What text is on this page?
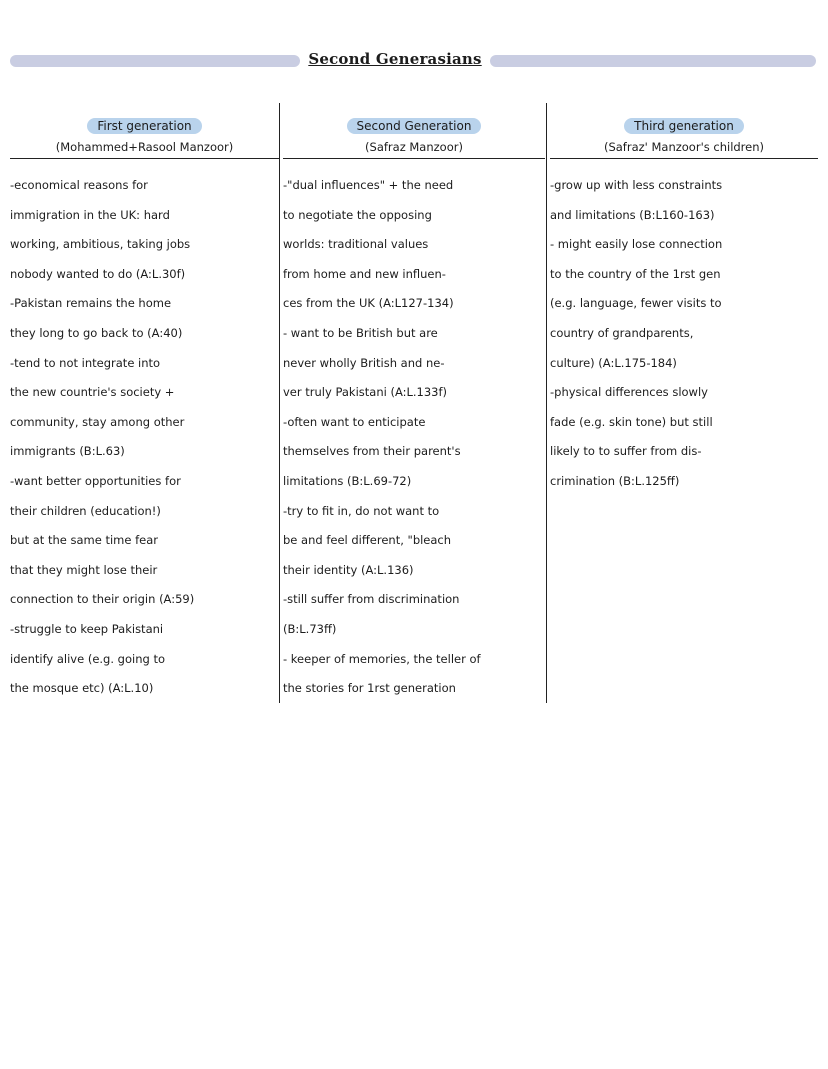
Second Generasians
First generation
(Mohammed+Rasool Manzoor)
-economical reasons for
immigration in the UK: hard
working, ambitious, taking jobs
nobody wanted to do (A:L.30f)
-Pakistan remains the home
they long to go back to (A:40)
-tend to not integrate into
the new countrie's society +
community, stay among other
immigrants (B:L.63)
-want better opportunities for
their children (education!)
but at the same time fear
that they might lose their
connection to their origin (A:59)
-struggle to keep Pakistani
identify alive (e.g. going to
the mosque etc) (A:L.10)
Second Generation
(Safraz Manzoor)
-"dual influences" + the need
to negotiate the opposing
worlds: traditional values
from home and new influen-
ces from the UK (A:L127-134)
- want to be British but are
never wholly British and ne-
ver truly Pakistani (A:L.133f)
-often want to enticipate
themselves from their parent's
limitations (B:L.69-72)
-try to fit in, do not want to
be and feel different, "bleach
their identity (A:L.136)
-still suffer from discrimination
(B:L.73ff)
- keeper of memories, the teller of
the stories for 1rst generation
Third generation
(Safraz' Manzoor's children)
-grow up with less constraints
and limitations (B:L160-163)
- might easily lose connection
to the country of the 1rst gen
(e.g. language, fewer visits to
country of grandparents,
culture) (A:L.175-184)
-physical differences slowly
fade (e.g. skin tone) but still
likely to to suffer from dis-
crimination (B:L.125ff)
